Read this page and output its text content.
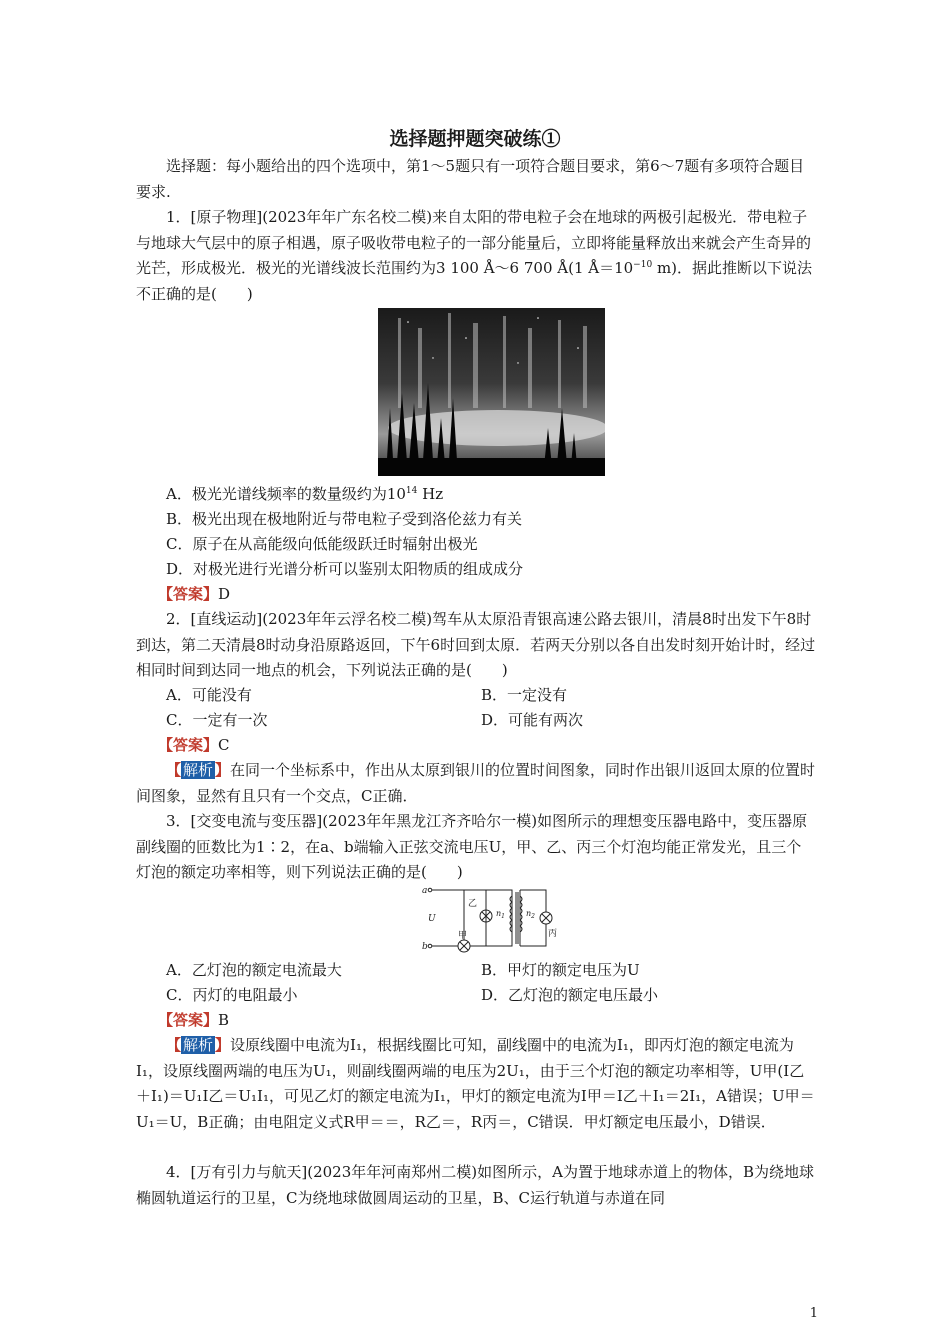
选择题押题突破练①

选择题：每小题给出的四个选项中，第1～5题只有一项符合题目要求，第6～7题有多项符合题目要求.

1．[原子物理](2023年年广东名校二模)来自太阳的带电粒子会在地球的两极引起极光．带电粒子与地球大气层中的原子相遇，原子吸收带电粒子的一部分能量后，立即将能量释放出来就会产生奇异的光芒，形成极光．极光的光谱线波长范围约为3 100 Å～6 700 Å(1 $Å=10^{-10}$ m)．据此推断以下说法不正确的是(　　)

A．极光光谱线频率的数量级约为$10^{14}$ Hz
B．极光出现在极地附近与带电粒子受到洛伦兹力有关
C．原子在从高能级向低能级跃迁时辐射出极光
D．对极光进行光谱分析可以鉴别太阳物质的组成成分
【答案】D

2．[直线运动](2023年年云浮名校二模)驾车从太原沿青银高速公路去银川，清晨8时出发下午8时到达，第二天清晨8时动身沿原路返回，下午6时回到太原．若两天分别以各自出发时刻开始计时，经过相同时间到达同一地点的机会，下列说法正确的是(　　)

A．可能没有	B．一定没有
C．一定有一次	D．可能有两次
【答案】C

【 解析 】在同一个坐标系中，作出从太原到银川的位置时间图象，同时作出银川返回太原的位置时间图象，显然有且只有一个交点，C正确．

3．[交变电流与变压器](2023年年黑龙江齐齐哈尔一模)如图所示的理想变压器电路中，变压器原副线圈的匝数比为1∶2，在a、b端输入正弦交流电压U，甲、乙、丙三个灯泡均能正常发光，且三个灯泡的额定功率相等，则下列说法正确的是(　　)

a
b
U
乙
甲	丙
$n_1$	$n_2$
A．乙灯泡的额定电流最大	B．甲灯的额定电压为U
C．丙灯的电阻最小	D．乙灯泡的额定电压最小
【答案】B

【 解析 】设原线圈中电流为I₁，根据线圈比可知，副线圈中的电流为I₁，即丙灯泡的额定电流为I₁，设原线圈两端的电压为U₁，则副线圈两端的电压为2U₁，由于三个灯泡的额定功率相等，U甲(I乙＋I₁)＝U₁I乙＝U₁I₁，可见乙灯的额定电流为I₁，甲灯的额定电流为I甲＝I乙＋I₁＝2I₁，A错误；U甲＝U₁＝U，B正确；由电阻定义式R甲＝＝，R乙＝，R丙＝，C错误．甲灯额定电压最小，D错误．

4．[万有引力与航天](2023年年河南郑州二模)如图所示，A为置于地球赤道上的物体，B为绕地球椭圆轨道运行的卫星，C为绕地球做圆周运动的卫星，B、C运行轨道与赤道在同

1
